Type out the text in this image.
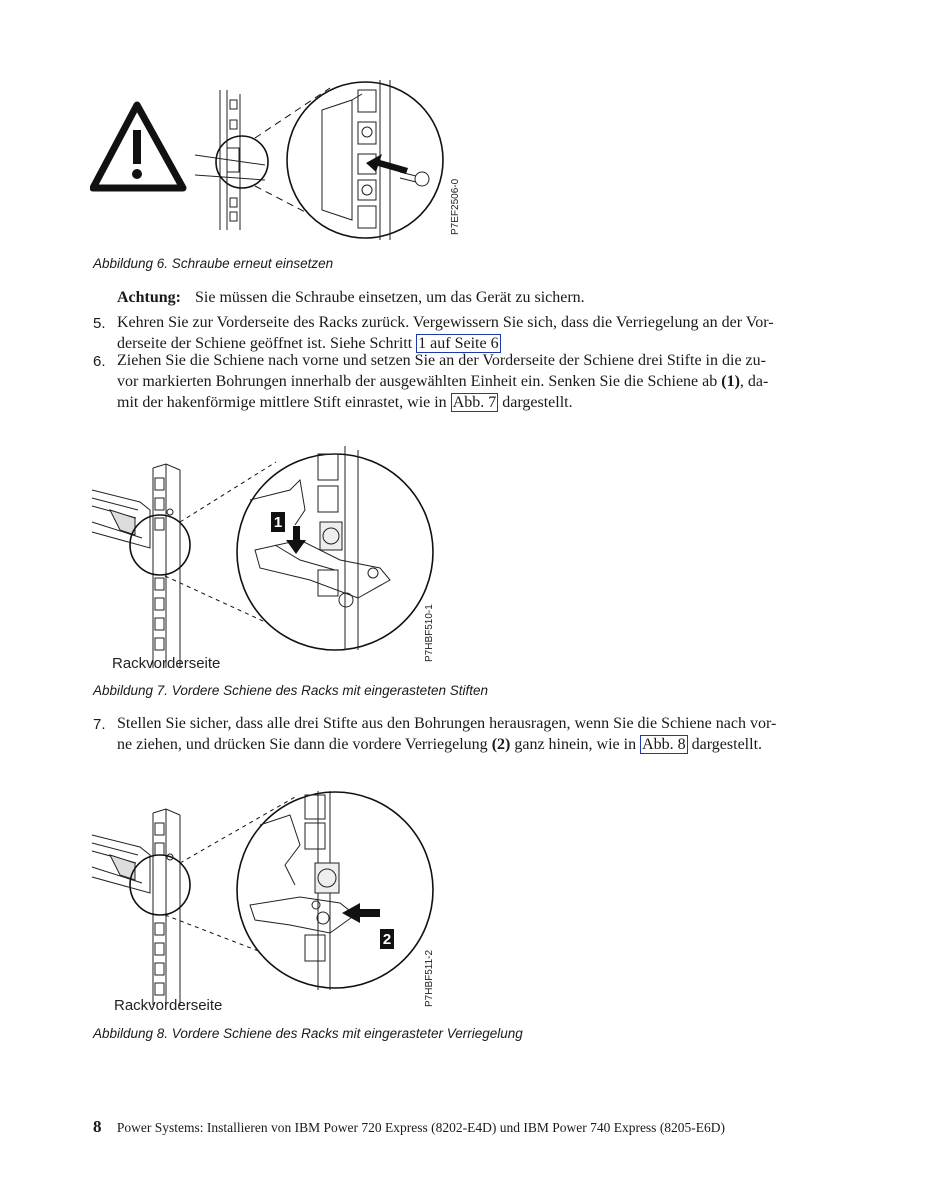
P7EF2506-0
Abbildung 6. Schraube erneut einsetzen
Achtung: Sie müssen die Schraube einsetzen, um das Gerät zu sichern.
5. Kehren Sie zur Vorderseite des Racks zurück. Vergewissern Sie sich, dass die Verriegelung an der Vor-
derseite der Schiene geöffnet ist. Siehe Schritt 1 auf Seite 6
6. Ziehen Sie die Schiene nach vorne und setzen Sie an der Vorderseite der Schiene drei Stifte in die zu-
vor markierten Bohrungen innerhalb der ausgewählten Einheit ein. Senken Sie die Schiene ab (1), da-
mit der hakenförmige mittlere Stift einrastet, wie in Abb. 7 dargestellt.
1
P7HBF510-1
Rackvorderseite
Abbildung 7. Vordere Schiene des Racks mit eingerasteten Stiften
7. Stellen Sie sicher, dass alle drei Stifte aus den Bohrungen herausragen, wenn Sie die Schiene nach vor-
ne ziehen, und drücken Sie dann die vordere Verriegelung (2) ganz hinein, wie in Abb. 8 dargestellt.
2
P7HBF511-2
Rackvorderseite
Abbildung 8. Vordere Schiene des Racks mit eingerasteter Verriegelung
8 Power Systems: Installieren von IBM Power 720 Express (8202-E4D) und IBM Power 740 Express (8205-E6D)
